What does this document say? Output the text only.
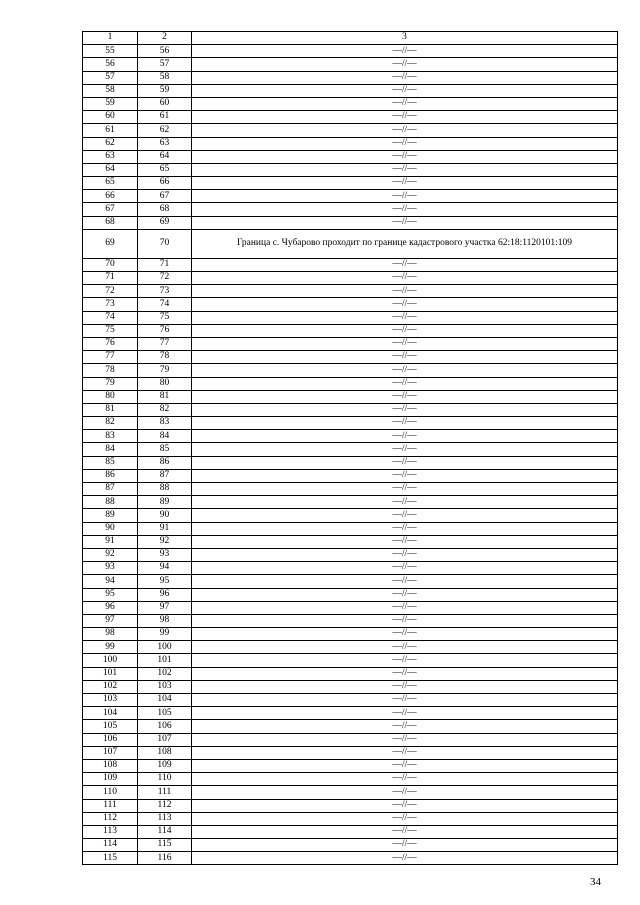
1	2	3
55	56	—//—
56	57	—//—
57	58	—//—
58	59	—//—
59	60	—//—
60	61	—//—
61	62	—//—
62	63	—//—
63	64	—//—
64	65	—//—
65	66	—//—
66	67	—//—
67	68	—//—
68	69	—//—
69	70	Граница с. Чубарово проходит по границе кадастрового участка 62:18:1120101:109
70	71	—//—
71	72	—//—
72	73	—//—
73	74	—//—
74	75	—//—
75	76	—//—
76	77	—//—
77	78	—//—
78	79	—//—
79	80	—//—
80	81	—//—
81	82	—//—
82	83	—//—
83	84	—//—
84	85	—//—
85	86	—//—
86	87	—//—
87	88	—//—
88	89	—//—
89	90	—//—
90	91	—//—
91	92	—//—
92	93	—//—
93	94	—//—
94	95	—//—
95	96	—//—
96	97	—//—
97	98	—//—
98	99	—//—
99	100	—//—
100	101	—//—
101	102	—//—
102	103	—//—
103	104	—//—
104	105	—//—
105	106	—//—
106	107	—//—
107	108	—//—
108	109	—//—
109	110	—//—
110	111	—//—
111	112	—//—
112	113	—//—
113	114	—//—
114	115	—//—
115	116	—//—
34
